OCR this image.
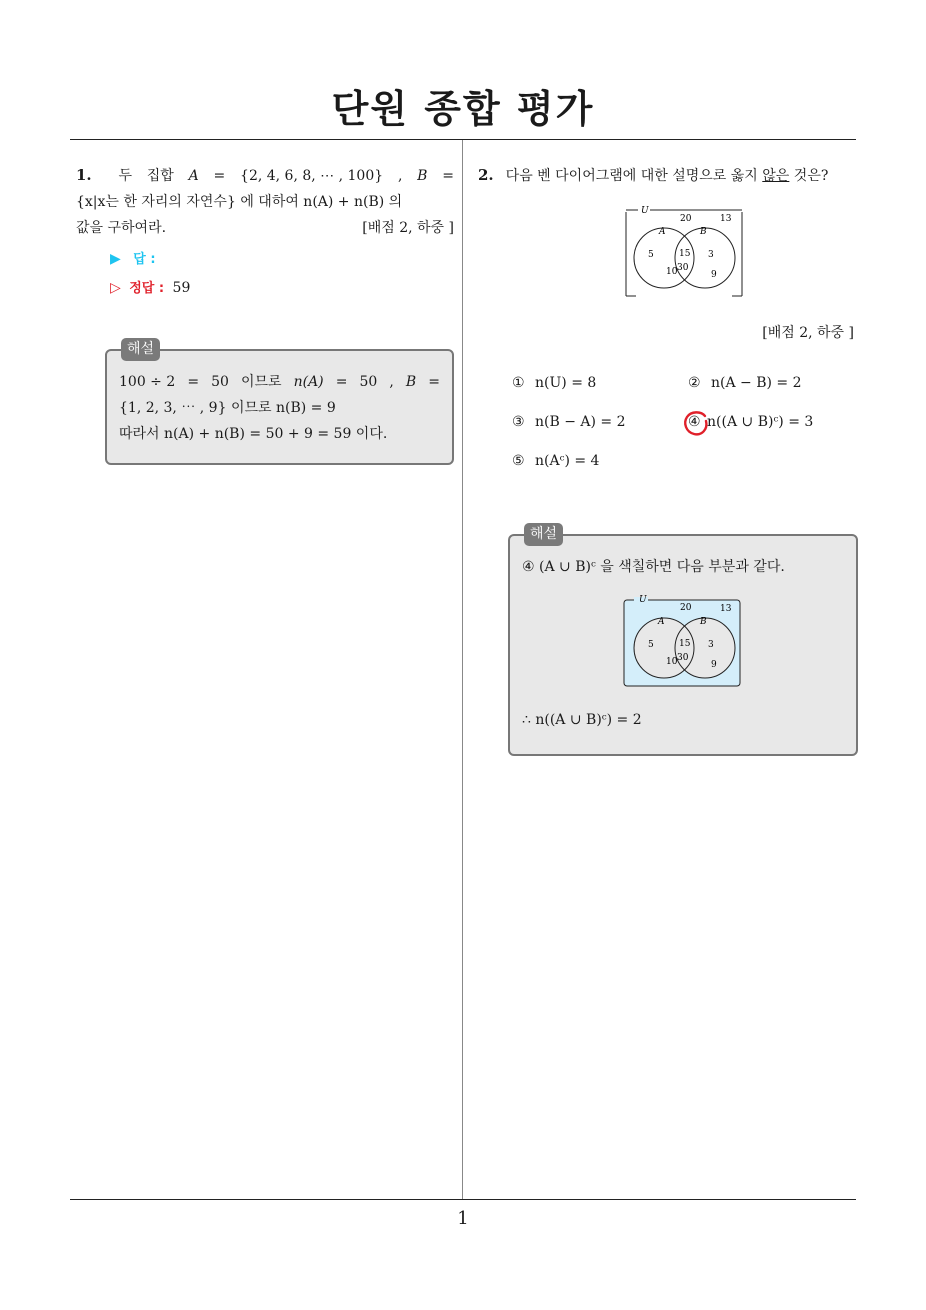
단원 종합 평가
1. 두 집합 A = {2, 4, 6, 8, ⋯ , 100} , B =
{x|x는 한 자리의 자연수} 에 대하여 n(A) + n(B) 의
값을 구하여라.	[배점 2, 하중 ]
▶ 답 :
▷ 정답 : 59
해설
100 ÷ 2 = 50 이므로 n(A) = 50 , B =
{1, 2, 3, ⋯ , 9} 이므로 n(B) = 9
따라서 n(A) + n(B) = 50 + 9 = 59 이다.
2. 다음 벤 다이어그램에 대한 설명으로 옳지 않은 것은?
U
A	B
20	13
5	3
9
15
30
10
[배점 2, 하중 ]
① n(U) = 8	② n(A − B) = 2
③ n(B − A) = 2	④ n((A ∪ B)ᶜ) = 3
⑤ n(Aᶜ) = 4
해설
④ (A ∪ B)ᶜ 을 색칠하면 다음 부분과 같다.
U
A	B
20	13
5	3
9
15
30
10
∴ n((A ∪ B)ᶜ) = 2
1
